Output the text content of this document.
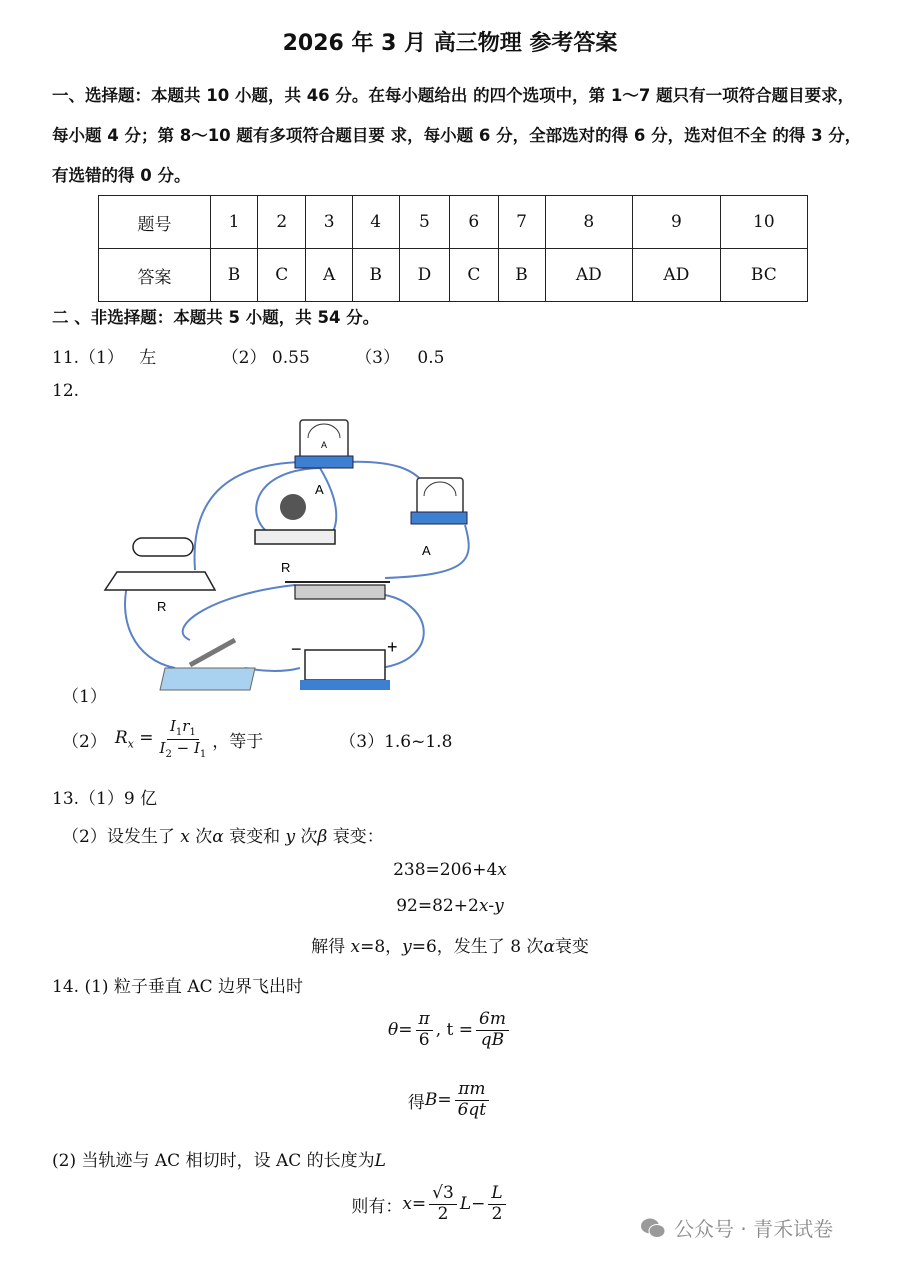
2026 年 3 月 高三物理 参考答案
一、选择题：本题共 10 小题，共 46 分。在每小题给出 的四个选项中，第 1～7 题只有一项符合题目要求，每小题 4 分；第 8～10 题有多项符合题目要 求，每小题 6 分，全部选对的得 6 分，选对但不全 的得 3 分，有选错的得 0 分。
题号	1	2	3	4	5	6	7	8	9	10
答案	B	C	A	B	D	C	B	AD	AD	BC
二 、非选择题：本题共 5 小题，共 54 分。
11.（1） 左	（2） 0.55	（3） 0.5
12.
A
A
A
R
R
−	+
（1）
（2） $R_x = \frac{I_1r_1}{I_2 - I_1}$ ，等于	（3）1.6~1.8
13.（1）9 亿
（2）设发生了 x 次α 衰变和 y 次β 衰变：
238=206+4x
92=82+2x-y
解得 x=8，y=6，发生了 8 次α衰变
14. (1) 粒子垂直 AC 边界飞出时
$\theta = \frac{\pi}{6}$ , $t = \frac{6m}{qB}$
得 $B = \frac{\pi m}{6qt}$
(2) 当轨迹与 AC 相切时，设 AC 的长度为L
则有： $x = \frac{√3}{2}$ $L - \frac{L}{2}$
公众号 · 青禾试卷
